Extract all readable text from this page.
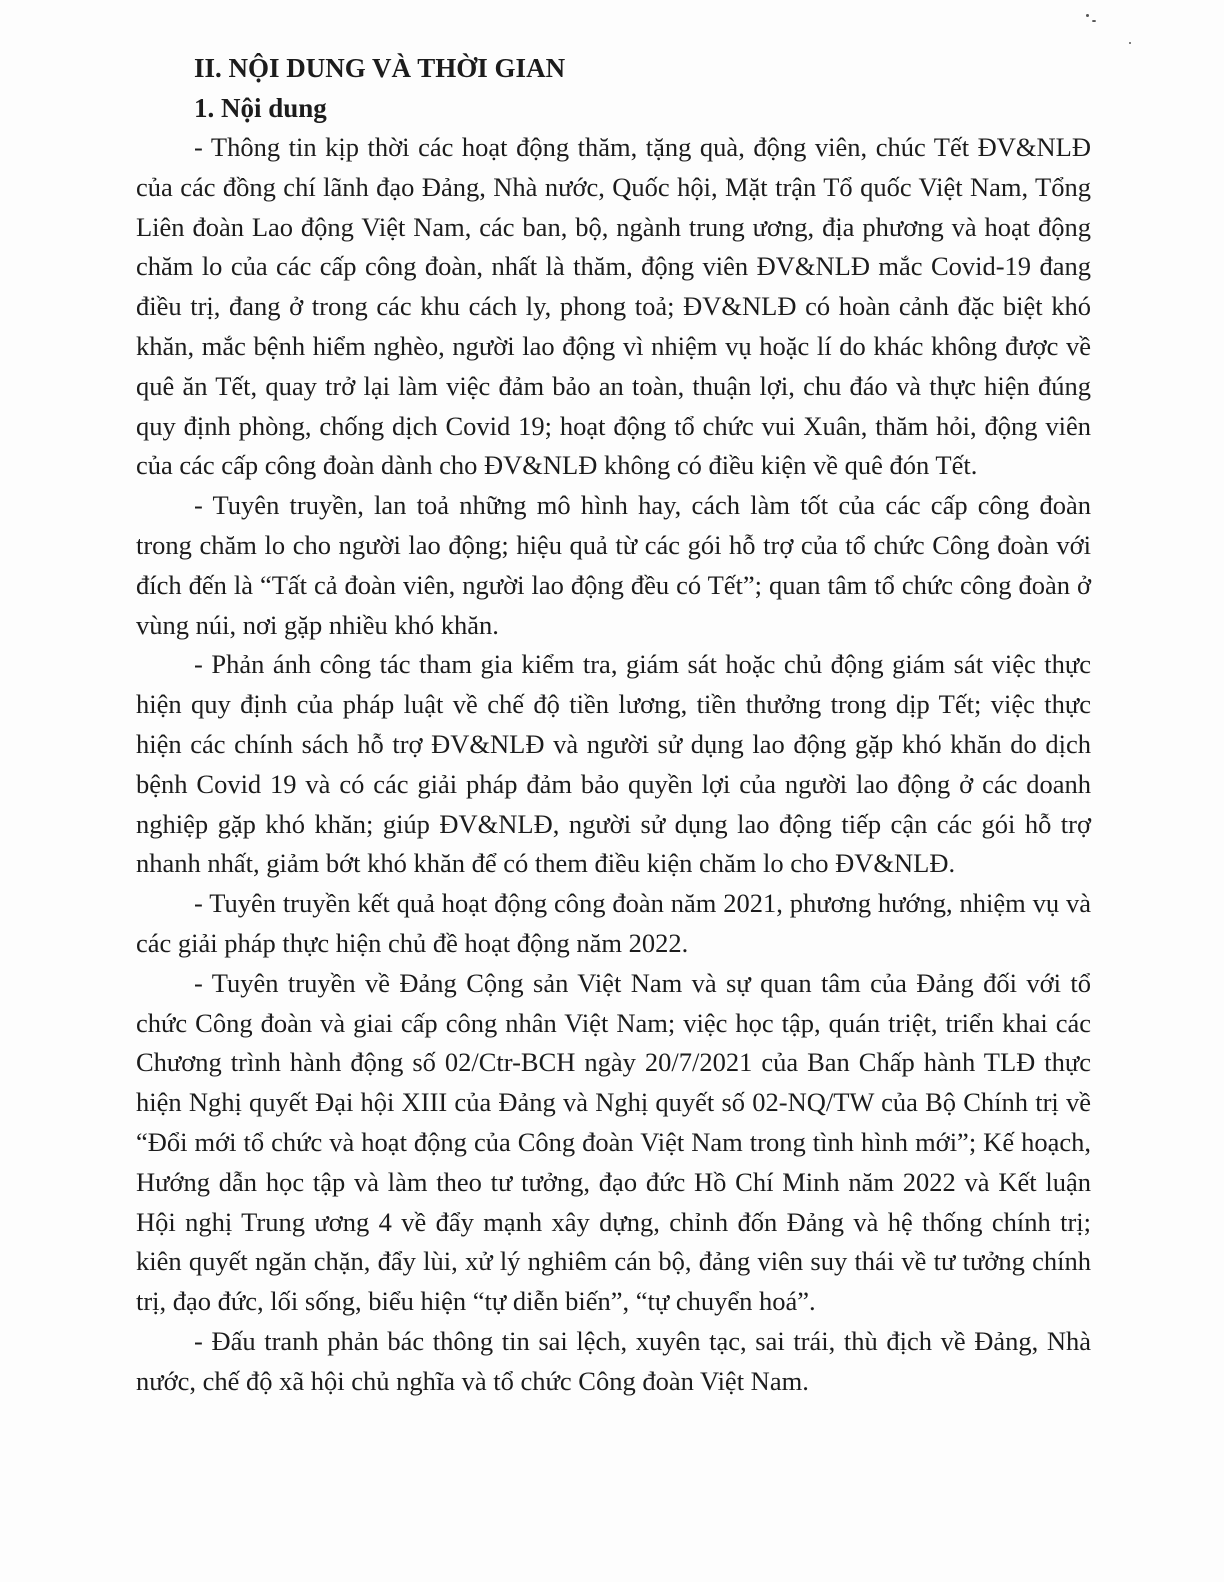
II. NỘI DUNG VÀ THỜI GIAN
1. Nội dung

- Thông tin kịp thời các hoạt động thăm, tặng quà, động viên, chúc Tết ĐV&NLĐ của các đồng chí lãnh đạo Đảng, Nhà nước, Quốc hội, Mặt trận Tổ quốc Việt Nam, Tổng Liên đoàn Lao động Việt Nam, các ban, bộ, ngành trung ương, địa phương và hoạt động chăm lo của các cấp công đoàn, nhất là thăm, động viên ĐV&NLĐ mắc Covid-19 đang điều trị, đang ở trong các khu cách ly, phong toả; ĐV&NLĐ có hoàn cảnh đặc biệt khó khăn, mắc bệnh hiểm nghèo, người lao động vì nhiệm vụ hoặc lí do khác không được về quê ăn Tết, quay trở lại làm việc đảm bảo an toàn, thuận lợi, chu đáo và thực hiện đúng quy định phòng, chống dịch Covid 19; hoạt động tổ chức vui Xuân, thăm hỏi, động viên của các cấp công đoàn dành cho ĐV&NLĐ không có điều kiện về quê đón Tết.

- Tuyên truyền, lan toả những mô hình hay, cách làm tốt của các cấp công đoàn trong chăm lo cho người lao động; hiệu quả từ các gói hỗ trợ của tổ chức Công đoàn với đích đến là “Tất cả đoàn viên, người lao động đều có Tết”; quan tâm tổ chức công đoàn ở vùng núi, nơi gặp nhiều khó khăn.

- Phản ánh công tác tham gia kiểm tra, giám sát hoặc chủ động giám sát việc thực hiện quy định của pháp luật về chế độ tiền lương, tiền thưởng trong dịp Tết; việc thực hiện các chính sách hỗ trợ ĐV&NLĐ và người sử dụng lao động gặp khó khăn do dịch bệnh Covid 19 và có các giải pháp đảm bảo quyền lợi của người lao động ở các doanh nghiệp gặp khó khăn; giúp ĐV&NLĐ, người sử dụng lao động tiếp cận các gói hỗ trợ nhanh nhất, giảm bớt khó khăn để có them điều kiện chăm lo cho ĐV&NLĐ.

- Tuyên truyền kết quả hoạt động công đoàn năm 2021, phương hướng, nhiệm vụ và các giải pháp thực hiện chủ đề hoạt động năm 2022.

- Tuyên truyền về Đảng Cộng sản Việt Nam và sự quan tâm của Đảng đối với tổ chức Công đoàn và giai cấp công nhân Việt Nam; việc học tập, quán triệt, triển khai các Chương trình hành động số 02/Ctr-BCH ngày 20/7/2021 của Ban Chấp hành TLĐ thực hiện Nghị quyết Đại hội XIII của Đảng và Nghị quyết số 02-NQ/TW của Bộ Chính trị về “Đổi mới tổ chức và hoạt động của Công đoàn Việt Nam trong tình hình mới”; Kế hoạch, Hướng dẫn học tập và làm theo tư tưởng, đạo đức Hồ Chí Minh năm 2022 và Kết luận Hội nghị Trung ương 4 về đẩy mạnh xây dựng, chỉnh đốn Đảng và hệ thống chính trị; kiên quyết ngăn chặn, đẩy lùi, xử lý nghiêm cán bộ, đảng viên suy thái về tư tưởng chính trị, đạo đức, lối sống, biểu hiện “tự diễn biến”, “tự chuyển hoá”.

- Đấu tranh phản bác thông tin sai lệch, xuyên tạc, sai trái, thù địch về Đảng, Nhà nước, chế độ xã hội chủ nghĩa và tổ chức Công đoàn Việt Nam.
